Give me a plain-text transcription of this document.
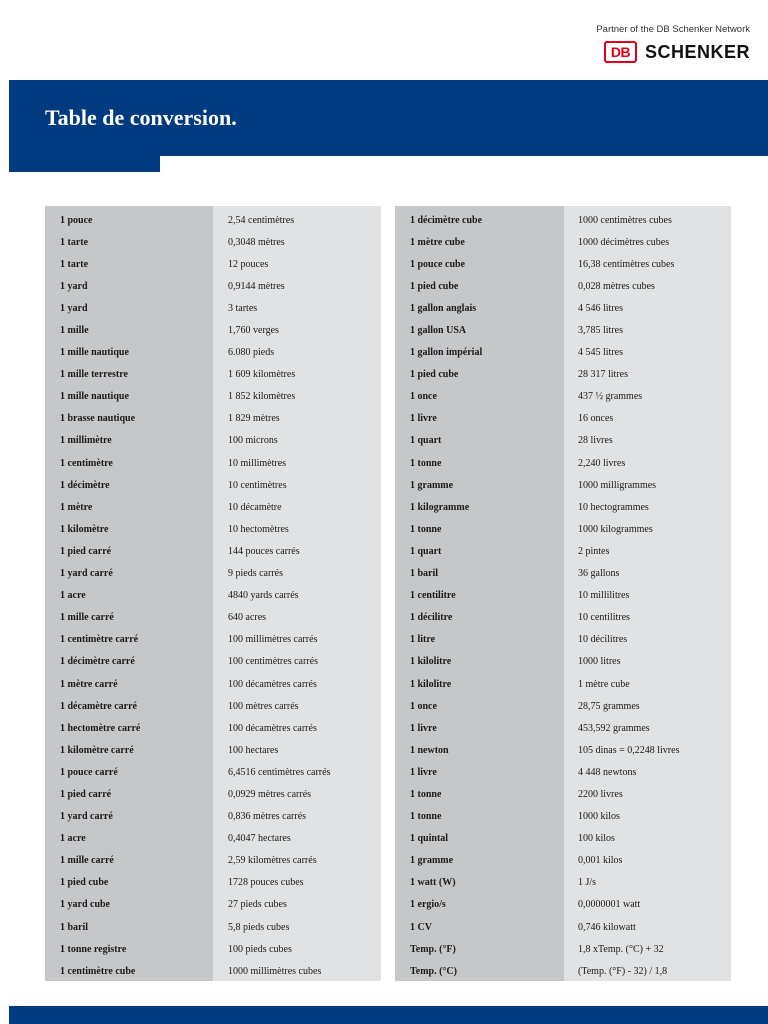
Partner of the DB Schenker Network
DB SCHENKER
Table de conversion.
1 pouce	2,54 centimètres
1 tarte	0,3048 mètres
1 tarte	12 pouces
1 yard	0,9144 mètres
1 yard	3 tartes
1 mille	1,760 verges
1 mille nautique	6.080 pieds
1 mille terrestre	1 609 kilomètres
1 mille nautique	1 852 kilomètres
1 brasse nautique	1 829 mètres
1 millimètre	100 microns
1 centimètre	10 millimètres
1 décimètre	10 centimètres
1 mètre	10 décamètre
1 kilomètre	10 hectomètres
1 pied carré	144 pouces carrés
1 yard carré	9 pieds carrés
1 acre	4840 yards carrés
1 mille carré	640 acres
1 centimètre carré	100 millimètres carrés
1 décimètre carré	100 centimètres carrés
1 mètre carré	100 décamètres carrés
1 décamètre carré	100 mètres carrés
1 hectomètre carré	100 décamètres carrés
1 kilomètre carré	100 hectares
1 pouce carré	6,4516 centimètres carrés
1 pied carré	0,0929 mètres carrés
1 yard carré	0,836 mètres carrés
1 acre	0,4047 hectares
1 mille carré	2,59 kilomètres carrés
1 pied cube	1728 pouces cubes
1 yard cube	27 pieds cubes
1 baril	5,8 pieds cubes
1 tonne registre	100 pieds cubes
1 centimètre cube	1000 millimètres cubes
1 décimètre cube	1000 centimètres cubes
1 mètre cube	1000 décimètres cubes
1 pouce cube	16,38 centimètres cubes
1 pied cube	0,028 mètres cubes
1 gallon anglais	4 546 litres
1 gallon USA	3,785 litres
1 gallon impérial	4 545 litres
1 pied cube	28 317 litres
1 once	437 ½ grammes
1 livre	16 onces
1 quart	28 livres
1 tonne	2,240 livres
1 gramme	1000 milligrammes
1 kilogramme	10 hectogrammes
1 tonne	1000 kilogrammes
1 quart	2 pintes
1 baril	36 gallons
1 centilitre	10 millilitres
1 décilitre	10 centilitres
1 litre	10 décilitres
1 kilolitre	1000 litres
1 kilolitre	1 mètre cube
1 once	28,75 grammes
1 livre	453,592 grammes
1 newton	105 dinas = 0,2248 livres
1 livre	4 448 newtons
1 tonne	2200 livres
1 tonne	1000 kilos
1 quintal	100 kilos
1 gramme	0,001 kilos
1 watt (W)	1 J/s
1 ergio/s	0,0000001 watt
1 CV	0,746 kilowatt
Temp. (°F)	1,8 xTemp. (°C) + 32
Temp. (°C)	(Temp. (°F) - 32) / 1,8
